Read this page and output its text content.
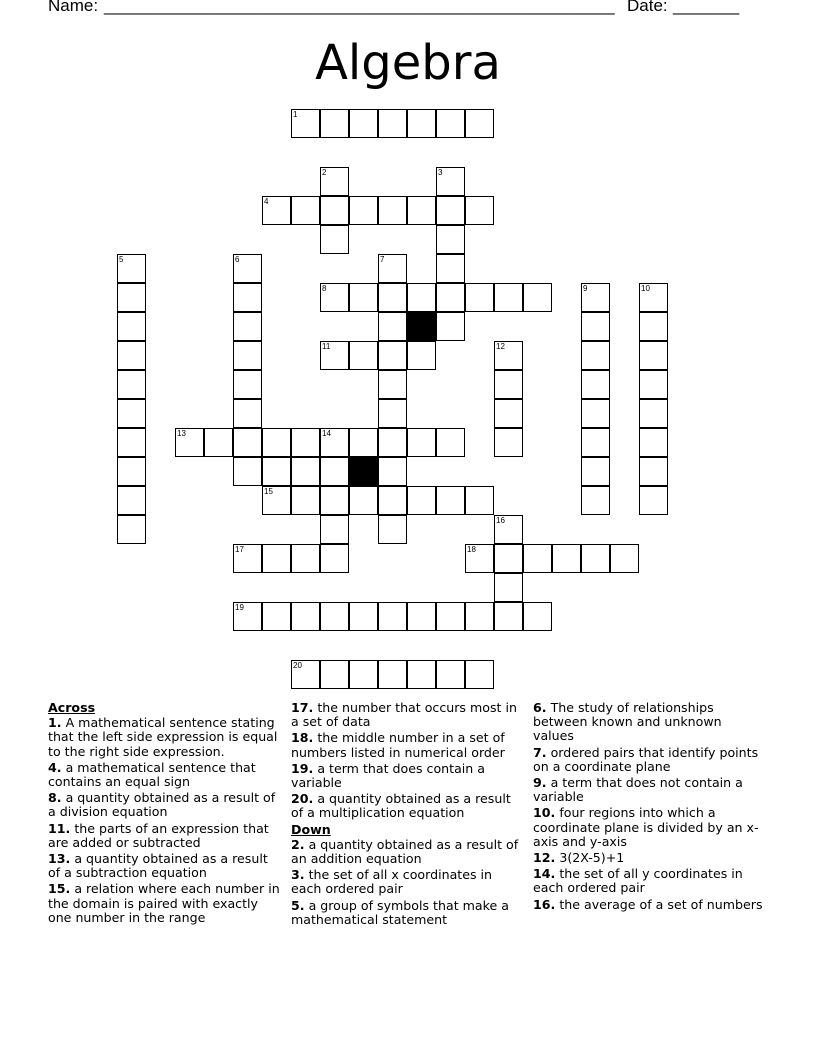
Name: ______________________________________________________ Date: _______
Algebra
1
2	3
4
5	6	7
8	9	10
11	12
13	14
15
16
17	18
19
20
Across
1. A mathematical sentence stating that the left side expression is equal to the right side expression.
4. a mathematical sentence that contains an equal sign
8. a quantity obtained as a result of a division equation
11. the parts of an expression that are added or subtracted
13. a quantity obtained as a result of a subtraction equation
15. a relation where each number in the domain is paired with exactly one number in the range
17. the number that occurs most in a set of data
18. the middle number in a set of numbers listed in numerical order
19. a term that does contain a variable
20. a quantity obtained as a result of a multiplication equation
Down
2. a quantity obtained as a result of an addition equation
3. the set of all x coordinates in each ordered pair
5. a group of symbols that make a mathematical statement
6. The study of relationships between known and unknown values
7. ordered pairs that identify points on a coordinate plane
9. a term that does not contain a variable
10. four regions into which a coordinate plane is divided by an x-axis and y-axis
12. 3(2X-5)+1
14. the set of all y coordinates in each ordered pair
16. the average of a set of numbers
